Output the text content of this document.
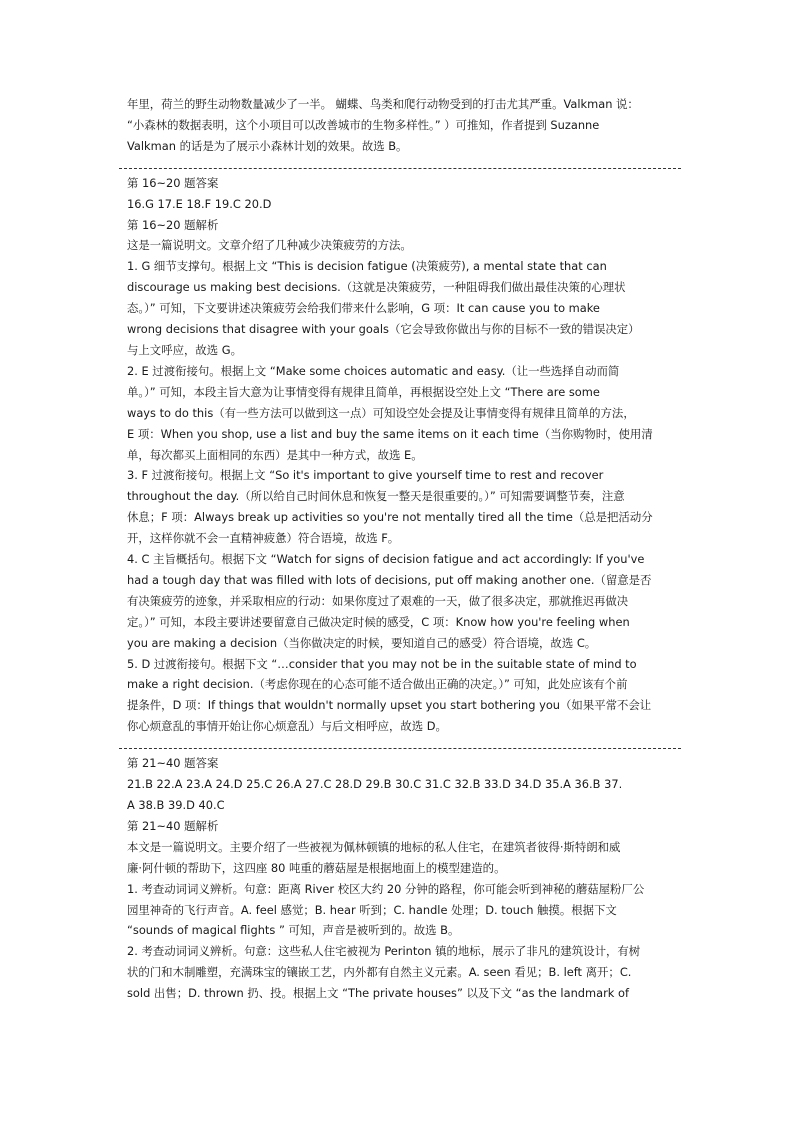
年里，荷兰的野生动物数量减少了一半。 蝴蝶、鸟类和爬行动物受到的打击尤其严重。Valkman 说：

“小森林的数据表明，这个小项目可以改善城市的生物多样性。” ）可推知，作者提到 Suzanne

Valkman 的话是为了展示小森林计划的效果。故选 B。

第 16~20 题答案

16.G 17.E 18.F 19.C 20.D

第 16~20 题解析

这是一篇说明文。文章介绍了几种减少决策疲劳的方法。

1. G 细节支撑句。根据上文 “This is decision fatigue (决策疲劳), a mental state that can

discourage us making best decisions.（这就是决策疲劳，一种阻碍我们做出最佳决策的心理状

态。）” 可知，下文要讲述决策疲劳会给我们带来什么影响，G 项：It can cause you to make

wrong decisions that disagree with your goals（它会导致你做出与你的目标不一致的错误决定）

与上文呼应，故选 G。

2. E 过渡衔接句。根据上文 “Make some choices automatic and easy.（让一些选择自动而简

单。）” 可知，本段主旨大意为让事情变得有规律且简单，再根据设空处上文 “There are some

ways to do this（有一些方法可以做到这一点）可知设空处会提及让事情变得有规律且简单的方法，

E 项：When you shop, use a list and buy the same items on it each time（当你购物时，使用清

单，每次都买上面相同的东西）是其中一种方式，故选 E。

3. F 过渡衔接句。根据上文 “So it's important to give yourself time to rest and recover

throughout the day.（所以给自己时间休息和恢复一整天是很重要的。）” 可知需要调整节奏，注意

休息；F 项：Always break up activities so you're not mentally tired all the time（总是把活动分

开，这样你就不会一直精神疲惫）符合语境，故选 F。

4. C 主旨概括句。根据下文 “Watch for signs of decision fatigue and act accordingly: If you've

had a tough day that was filled with lots of decisions, put off making another one.（留意是否

有决策疲劳的迹象，并采取相应的行动：如果你度过了艰难的一天，做了很多决定，那就推迟再做决

定。）” 可知，本段主要讲述要留意自己做决定时候的感受，C 项：Know how you're feeling when

you are making a decision（当你做决定的时候，要知道自己的感受）符合语境，故选 C。

5. D 过渡衔接句。根据下文 “…consider that you may not be in the suitable state of mind to

make a right decision.（考虑你现在的心态可能不适合做出正确的决定。）” 可知，此处应该有个前

提条件，D 项：If things that wouldn't normally upset you start bothering you（如果平常不会让

你心烦意乱的事情开始让你心烦意乱）与后文相呼应，故选 D。

第 21~40 题答案

21.B 22.A 23.A 24.D 25.C 26.A 27.C 28.D 29.B 30.C 31.C 32.B 33.D 34.D 35.A 36.B 37.

A 38.B 39.D 40.C

第 21~40 题解析

本文是一篇说明文。主要介绍了一些被视为佩林顿镇的地标的私人住宅，在建筑者彼得·斯特朗和威

廉·阿什顿的帮助下，这四座 80 吨重的蘑菇屋是根据地面上的模型建造的。

1. 考查动词词义辨析。句意：距离 River 校区大约 20 分钟的路程，你可能会听到神秘的蘑菇屋粉厂公

园里神奇的飞行声音。A. feel 感觉；B. hear 听到；C. handle 处理；D. touch 触摸。根据下文

“sounds of magical flights ” 可知，声音是被听到的。故选 B。

2. 考查动词词义辨析。句意：这些私人住宅被视为 Perinton 镇的地标，展示了非凡的建筑设计，有树

状的门和木制雕塑，充满珠宝的镶嵌工艺，内外都有自然主义元素。A. seen 看见；B. left 离开；C.

sold 出售；D. thrown 扔、投。根据上文 “The private houses” 以及下文 “as the landmark of
